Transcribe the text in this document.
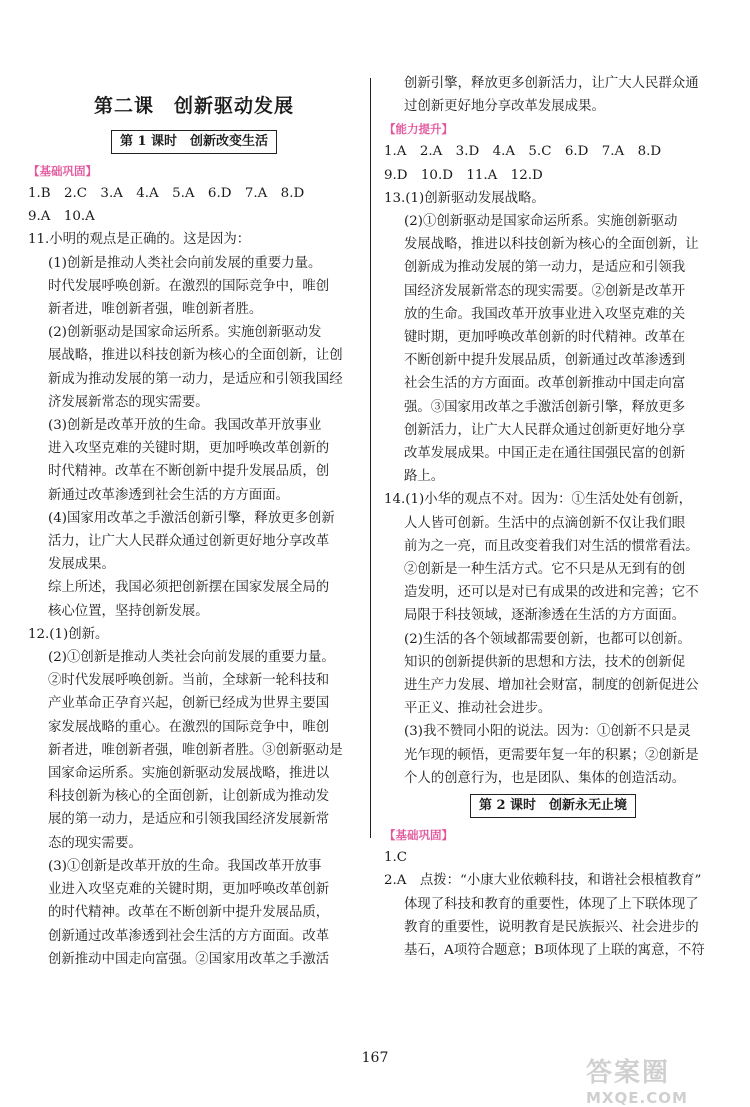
第二课　创新驱动发展
第 1 课时　创新改变生活
【基础巩固】
1.B　2.C　3.A　4.A　5.A　6.D　7.A　8.D
9.A　10.A
11.小明的观点是正确的。这是因为：
(1)创新是推动人类社会向前发展的重要力量。
时代发展呼唤创新。在激烈的国际竞争中，唯创
新者进，唯创新者强，唯创新者胜。
(2)创新驱动是国家命运所系。实施创新驱动发
展战略，推进以科技创新为核心的全面创新，让创
新成为推动发展的第一动力，是适应和引领我国经
济发展新常态的现实需要。
(3)创新是改革开放的生命。我国改革开放事业
进入攻坚克难的关键时期，更加呼唤改革创新的
时代精神。改革在不断创新中提升发展品质，创
新通过改革渗透到社会生活的方方面面。
(4)国家用改革之手激活创新引擎，释放更多创新
活力，让广大人民群众通过创新更好地分享改革
发展成果。
综上所述，我国必须把创新摆在国家发展全局的
核心位置，坚持创新发展。
12.(1)创新。
(2)①创新是推动人类社会向前发展的重要力量。
②时代发展呼唤创新。当前，全球新一轮科技和
产业革命正孕育兴起，创新已经成为世界主要国
家发展战略的重心。在激烈的国际竞争中，唯创
新者进，唯创新者强，唯创新者胜。③创新驱动是
国家命运所系。实施创新驱动发展战略，推进以
科技创新为核心的全面创新，让创新成为推动发
展的第一动力，是适应和引领我国经济发展新常
态的现实需要。
(3)①创新是改革开放的生命。我国改革开放事
业进入攻坚克难的关键时期，更加呼唤改革创新
的时代精神。改革在不断创新中提升发展品质，
创新通过改革渗透到社会生活的方方面面。改革
创新推动中国走向富强。②国家用改革之手激活
创新引擎，释放更多创新活力，让广大人民群众通
过创新更好地分享改革发展成果。
【能力提升】
1.A　2.A　3.D　4.A　5.C　6.D　7.A　8.D
9.D　10.D　11.A　12.D
13.(1)创新驱动发展战略。
(2)①创新驱动是国家命运所系。实施创新驱动
发展战略，推进以科技创新为核心的全面创新，让
创新成为推动发展的第一动力，是适应和引领我
国经济发展新常态的现实需要。②创新是改革开
放的生命。我国改革开放事业进入攻坚克难的关
键时期，更加呼唤改革创新的时代精神。改革在
不断创新中提升发展品质，创新通过改革渗透到
社会生活的方方面面。改革创新推动中国走向富
强。③国家用改革之手激活创新引擎，释放更多
创新活力，让广大人民群众通过创新更好地分享
改革发展成果。中国正走在通往国强民富的创新
路上。
14.(1)小华的观点不对。因为：①生活处处有创新，
人人皆可创新。生活中的点滴创新不仅让我们眼
前为之一亮，而且改变着我们对生活的惯常看法。
②创新是一种生活方式。它不只是从无到有的创
造发明，还可以是对已有成果的改进和完善；它不
局限于科技领域，逐渐渗透在生活的方方面面。
(2)生活的各个领域都需要创新，也都可以创新。
知识的创新提供新的思想和方法，技术的创新促
进生产力发展、增加社会财富，制度的创新促进公
平正义、推动社会进步。
(3)我不赞同小阳的说法。因为：①创新不只是灵
光乍现的顿悟，更需要年复一年的积累；②创新是
个人的创意行为，也是团队、集体的创造活动。
第 2 课时　创新永无止境
【基础巩固】
1.C
2.A　点拨：“小康大业依赖科技，和谐社会根植教育”
体现了科技和教育的重要性，体现了上下联体现了
教育的重要性，说明教育是民族振兴、社会进步的
基石，A项符合题意；B项体现了上联的寓意，不符
167	答案圈
MXQE.COM
